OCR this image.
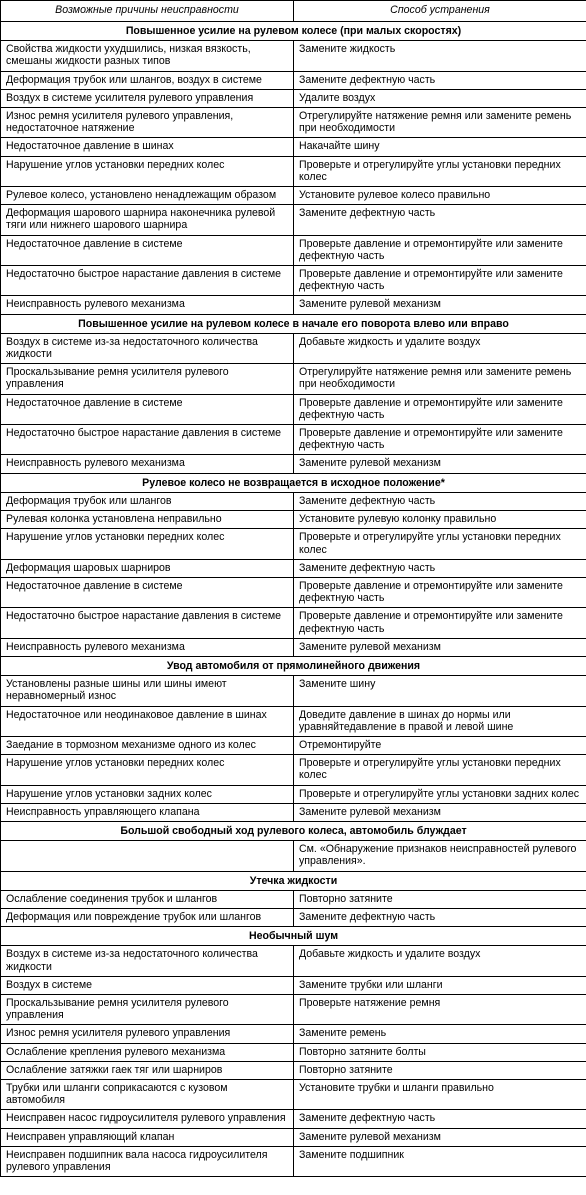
Возможные причины неисправности	Способ устранения
Повышенное усилие на рулевом колесе (при малых скоростях)	
Свойства жидкости ухудшились, низкая вязкость, смешаны жидкости разных типов	Замените жидкость
Деформация трубок или шлангов, воздух в системе	Замените дефектную часть
Воздух в системе усилителя рулевого управления	Удалите воздух
Износ ремня усилителя рулевого управления, недостаточное натяжение	Отрегулируйте натяжение ремня или замените ремень при необходимости
Недостаточное давление в шинах	Накачайте шину
Нарушение углов установки передних колес	Проверьте и отрегулируйте углы установки передних колес
Рулевое колесо, установлено ненадлежащим образом	Установите рулевое колесо правильно
Деформация шарового шарнира наконечника рулевой тяги или нижнего шарового шарнира	Замените дефектную часть
Недостаточное давление в системе	Проверьте давление и отремонтируйте или замените дефектную часть
Недостаточно быстрое нарастание давления в системе	Проверьте давление и отремонтируйте или замените дефектную часть
Неисправность рулевого механизма	Замените рулевой механизм
Повышенное усилие на рулевом колесе в начале его поворота влево или вправо	
Воздух в системе из-за недостаточного количества жидкости	Добавьте жидкость и удалите воздух
Проскальзывание ремня усилителя рулевого управления	Отрегулируйте натяжение ремня или замените ремень при необходимости
Недостаточное давление в системе	Проверьте давление и отремонтируйте или замените дефектную часть
Недостаточно быстрое нарастание давления в системе	Проверьте давление и отремонтируйте или замените дефектную часть
Неисправность рулевого механизма	Замените рулевой механизм
Рулевое колесо не возвращается в исходное положение*	
Деформация трубок или шлангов	Замените дефектную часть
Рулевая колонка установлена неправильно	Установите рулевую колонку правильно
Нарушение углов установки передних колес	Проверьте и отрегулируйте углы установки передних колес
Деформация шаровых шарниров	Замените дефектную часть
Недостаточное давление в системе	Проверьте давление и отремонтируйте или замените дефектную часть
Недостаточно быстрое нарастание давления в системе	Проверьте давление и отремонтируйте или замените дефектную часть
Неисправность рулевого механизма	Замените рулевой механизм
Увод автомобиля от прямолинейного движения	
Установлены разные шины или шины имеют неравномерный износ	Замените шину
Недостаточное или неодинаковое давление в шинах	Доведите давление в шинах до нормы или уравняйтедавление в правой и левой шине
Заедание в тормозном механизме одного из колес	Отремонтируйте
Нарушение углов установки передних колес	Проверьте и отрегулируйте углы установки передних колес
Нарушение углов установки задних колес	Проверьте и отрегулируйте углы установки задних колес
Неисправность управляющего клапана	Замените рулевой механизм
Большой свободный ход рулевого колеса, автомобиль блуждает	
	См. «Обнаружение признаков неисправностей рулевого управления».
Утечка жидкости	
Ослабление соединения трубок и шлангов	Повторно затяните
Деформация или повреждение трубок или шлангов	Замените дефектную часть
Необычный шум	
Воздух в системе из-за недостаточного количества жидкости	Добавьте жидкость и удалите воздух
Воздух в системе	Замените трубки или шланги
Проскальзывание ремня усилителя рулевого управления	Проверьте натяжение ремня
Износ ремня усилителя рулевого управления	Замените ремень
Ослабление крепления рулевого механизма	Повторно затяните болты
Ослабление затяжки гаек тяг или шарниров	Повторно затяните
Трубки или шланги соприкасаются с кузовом автомобиля	Установите трубки и шланги правильно
Неисправен насос гидроусилителя рулевого управления	Замените дефектную часть
Неисправен управляющий клапан	Замените рулевой механизм
Неисправен подшипник вала насоса гидроусилителя рулевого управления	Замените подшипник
